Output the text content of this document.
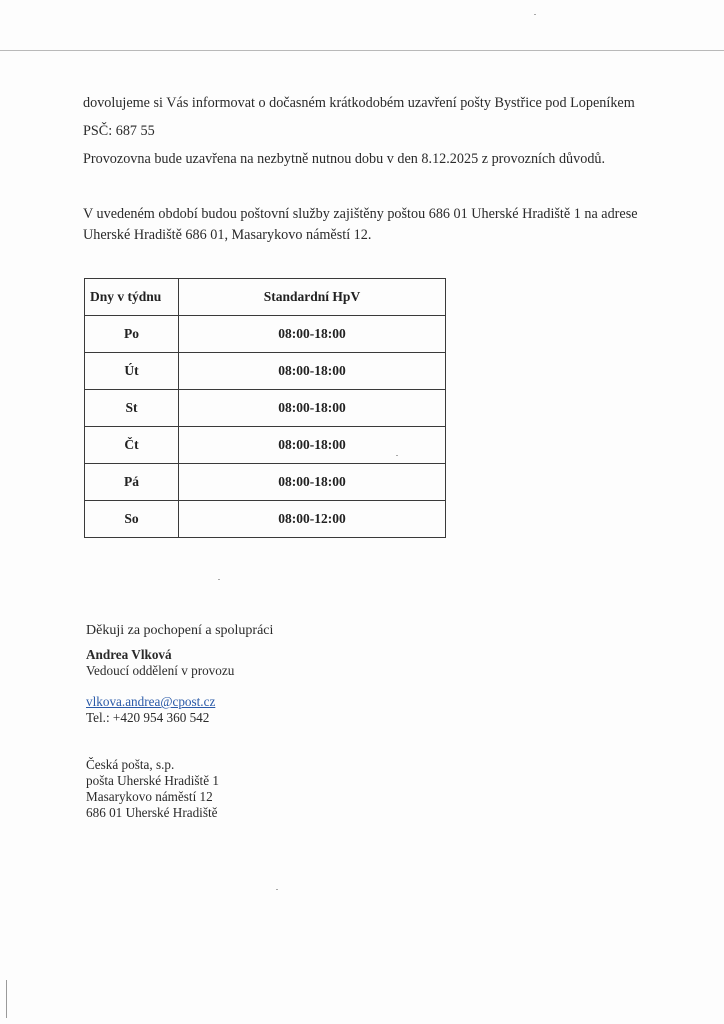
dovolujeme si Vás informovat o dočasném krátkodobém uzavření pošty Bystřice pod Lopeníkem
PSČ: 687 55
Provozovna bude uzavřena na nezbytně nutnou dobu v den 8.12.2025 z provozních důvodů.
V uvedeném období budou poštovní služby zajištěny poštou 686 01 Uherské Hradiště 1 na adrese
Uherské Hradiště 686 01, Masarykovo náměstí 12.
Dny v týdnu	Standardní HpV
Po	08:00-18:00
Út	08:00-18:00
St	08:00-18:00
Čt	08:00-18:00
Pá	08:00-18:00
So	08:00-12:00
Děkuji za pochopení a spolupráci
Andrea Vlková
Vedoucí oddělení v provozu
vlkova.andrea@cpost.cz
Tel.: +420 954 360 542
Česká pošta, s.p.
pošta Uherské Hradiště 1
Masarykovo náměstí 12
686 01 Uherské Hradiště
